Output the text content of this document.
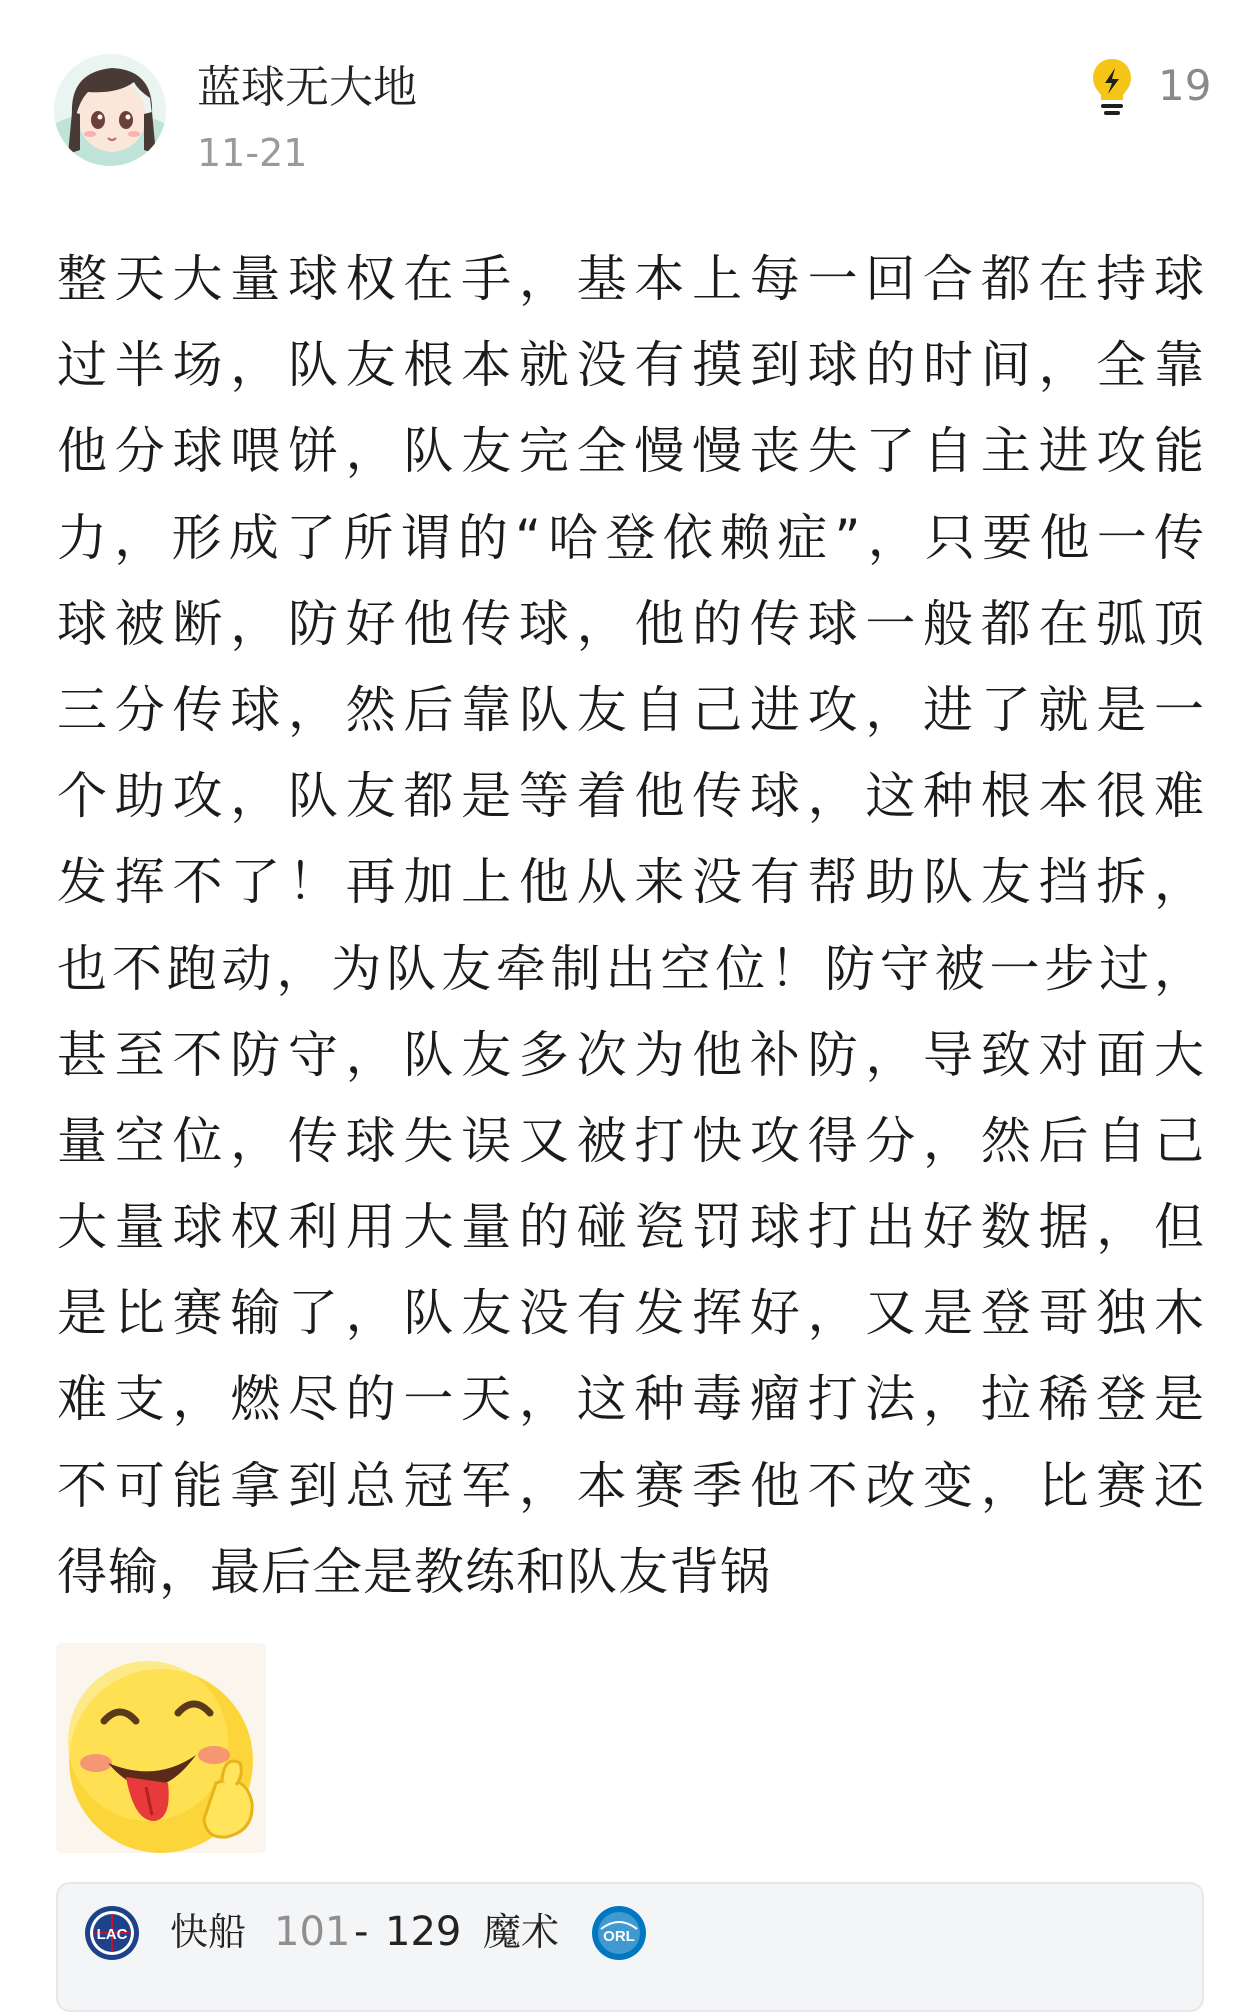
蓝球无大地
11-21
19
整天大量球权在手，基本上每一回合都在持球
过半场，队友根本就没有摸到球的时间，全靠
他分球喂饼，队友完全慢慢丧失了自主进攻能
力，形成了所谓的“哈登依赖症”，只要他一传
球被断，防好他传球，他的传球一般都在弧顶
三分传球，然后靠队友自己进攻，进了就是一
个助攻，队友都是等着他传球，这种根本很难
发挥不了！再加上他从来没有帮助队友挡拆，
也不跑动，为队友牵制出空位！防守被一步过，
甚至不防守，队友多次为他补防，导致对面大
量空位，传球失误又被打快攻得分，然后自己
大量球权利用大量的碰瓷罚球打出好数据，但
是比赛输了，队友没有发挥好，又是登哥独木
难支，燃尽的一天，这种毒瘤打法，拉稀登是
不可能拿到总冠军，本赛季他不改变，比赛还
得输，最后全是教练和队友背锅
LAC 快船 101 - 129 魔术	ORL
